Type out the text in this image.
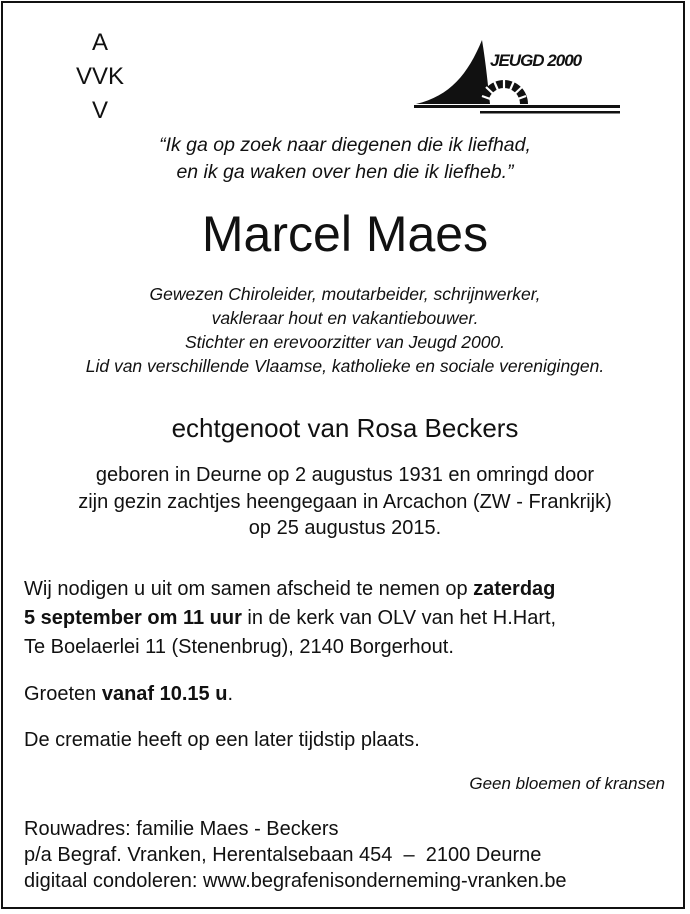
A
VVK
V
JEUGD 2000
“Ik ga op zoek naar diegenen die ik liefhad,
en ik ga waken over hen die ik liefheb.”
Marcel Maes
Gewezen Chiroleider, moutarbeider, schrijnwerker,
vakleraar hout en vakantiebouwer.
Stichter en erevoorzitter van Jeugd 2000.
Lid van verschillende Vlaamse, katholieke en sociale verenigingen.
echtgenoot van Rosa Beckers
geboren in Deurne op 2 augustus 1931 en omringd door
zijn gezin zachtjes heengegaan in Arcachon (ZW - Frankrijk)
op 25 augustus 2015.
Wij nodigen u uit om samen afscheid te nemen op zaterdag
5 september om 11 uur in de kerk van OLV van het H.Hart,
Te Boelaerlei 11 (Stenenbrug), 2140 Borgerhout.
Groeten vanaf 10.15 u.
De crematie heeft op een later tijdstip plaats.
Geen bloemen of kransen
Rouwadres: familie Maes - Beckers
p/a Begraf. Vranken, Herentalsebaan 454  –  2100 Deurne
digitaal condoleren: www.begrafenisonderneming-vranken.be
